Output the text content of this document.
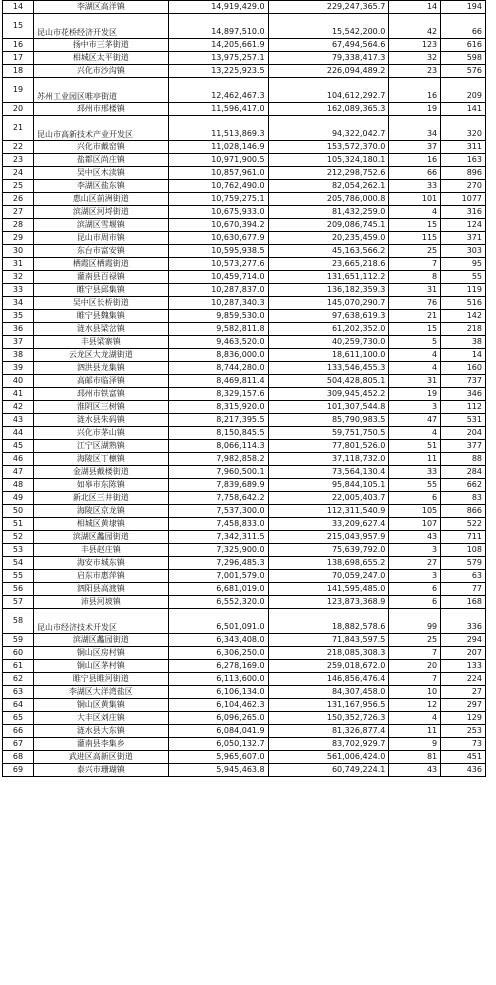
14	李湖区高洋镇	14,919,429.0	229,247,365.7	14	194
15	昆山市花桥经济开发区	14,897,510.0	15,542,200.0	42	66
16	扬中市三茅街道	14,205,661.9	67,494,564.6	123	616
17	相城区太平街道	13,975,257.1	79,338,417.3	32	598
18	兴化市沙沟镇	13,225,923.5	226,094,489.2	23	576
19	苏州工业园区唯亭街道	12,462,467.3	104,612,292.7	16	209
20	邳州市邢楼镇	11,596,417.0	162,089,365.3	19	141
21	昆山市高新技术产业开发区	11,513,869.3	94,322,042.7	34	320
22	兴化市戴窑镇	11,028,146.9	153,572,370.0	37	311
23	盐都区尚庄镇	10,971,900.5	105,324,180.1	16	163
24	吴中区木渎镇	10,857,961.0	212,298,752.6	66	896
25	李湖区盐东镇	10,762,490.0	82,054,262.1	33	270
26	惠山区前洲街道	10,759,275.1	205,786,000.8	101	1077
27	滨湖区河埒街道	10,675,933.0	81,432,259.0	4	316
28	滨湖区雪堰镇	10,670,394.2	209,086,745.1	15	124
29	昆山市周市镇	10,630,677.9	20,235,459.0	115	371
30	东台市富安镇	10,595,938.5	45,163,566.2	25	303
31	栖霞区栖霞街道	10,573,277.6	23,665,218.6	7	95
32	灌南县百禄镇	10,459,714.0	131,651,112.2	8	55
33	睢宁县邱集镇	10,287,837.0	136,182,359.3	31	119
34	吴中区长桥街道	10,287,340.3	145,070,290.7	76	516
35	睢宁县魏集镇	9,859,530.0	97,638,619.3	21	142
36	涟水县梁岔镇	9,582,811.8	61,202,352.0	15	218
37	丰县梁寨镇	9,463,520.0	40,259,730.0	5	38
38	云龙区大龙湖街道	8,836,000.0	18,611,100.0	4	14
39	泗洪县龙集镇	8,744,280.0	133,546,455.3	4	160
40	高邮市临泽镇	8,469,811.4	504,428,805.1	31	737
41	邳州市铁富镇	8,329,157.6	309,945,452.2	19	346
42	淮阴区三树镇	8,315,920.0	101,307,544.8	3	112
43	涟水县朱码镇	8,217,395.5	85,790,983.5	47	531
44	兴化市茅山镇	8,150,845.5	59,751,750.5	4	204
45	江宁区湖熟镇	8,066,114.3	77,801,526.0	51	377
46	海陵区丁檩镇	7,982,858.2	37,118,732.0	11	88
47	金湖县戴楼街道	7,960,500.1	73,564,130.4	33	284
48	如皋市东陈镇	7,839,689.9	95,844,105.1	55	662
49	新北区三井街道	7,758,642.2	22,005,403.7	6	83
50	海陵区京龙镇	7,537,300.0	112,311,540.9	105	866
51	相城区黄埭镇	7,458,833.0	33,209,627.4	107	522
52	滨湖区蠡园街道	7,342,311.5	215,043,957.9	43	711
53	丰县赵庄镇	7,325,900.0	75,639,792.0	3	108
54	海安市城东镇	7,296,485.3	138,698,655.2	27	579
55	启东市惠萍镇	7,001,579.0	70,059,247.0	3	63
56	泗阳县高渡镇	6,681,019.0	141,595,485.0	6	77
57	沛县河坡镇	6,552,320.0	123,873,368.9	6	168
58	昆山市经济技术开发区	6,501,091.0	18,882,578.6	99	336
59	滨湖区蠡园街道	6,343,408.0	71,843,597.5	25	294
60	铜山区房村镇	6,306,250.0	218,085,308.3	7	207
61	铜山区茅村镇	6,278,169.0	259,018,672.0	20	133
62	睢宁县睢河街道	6,113,600.0	146,856,476.4	7	224
63	李湖区大洋湾盐区	6,106,134.0	84,307,458.0	10	27
64	铜山区黄集镇	6,104,462.3	131,167,956.5	12	297
65	大丰区刘庄镇	6,096,265.0	150,352,726.3	4	129
66	涟水县大东镇	6,084,041.9	81,326,877.4	11	253
67	灌南县李集乡	6,050,132.7	83,702,929.7	9	73
68	武进区高新区街道	5,965,607.0	561,006,424.0	81	451
69	泰兴市珊瑚镇	5,945,463.8	60,749,224.1	43	436
